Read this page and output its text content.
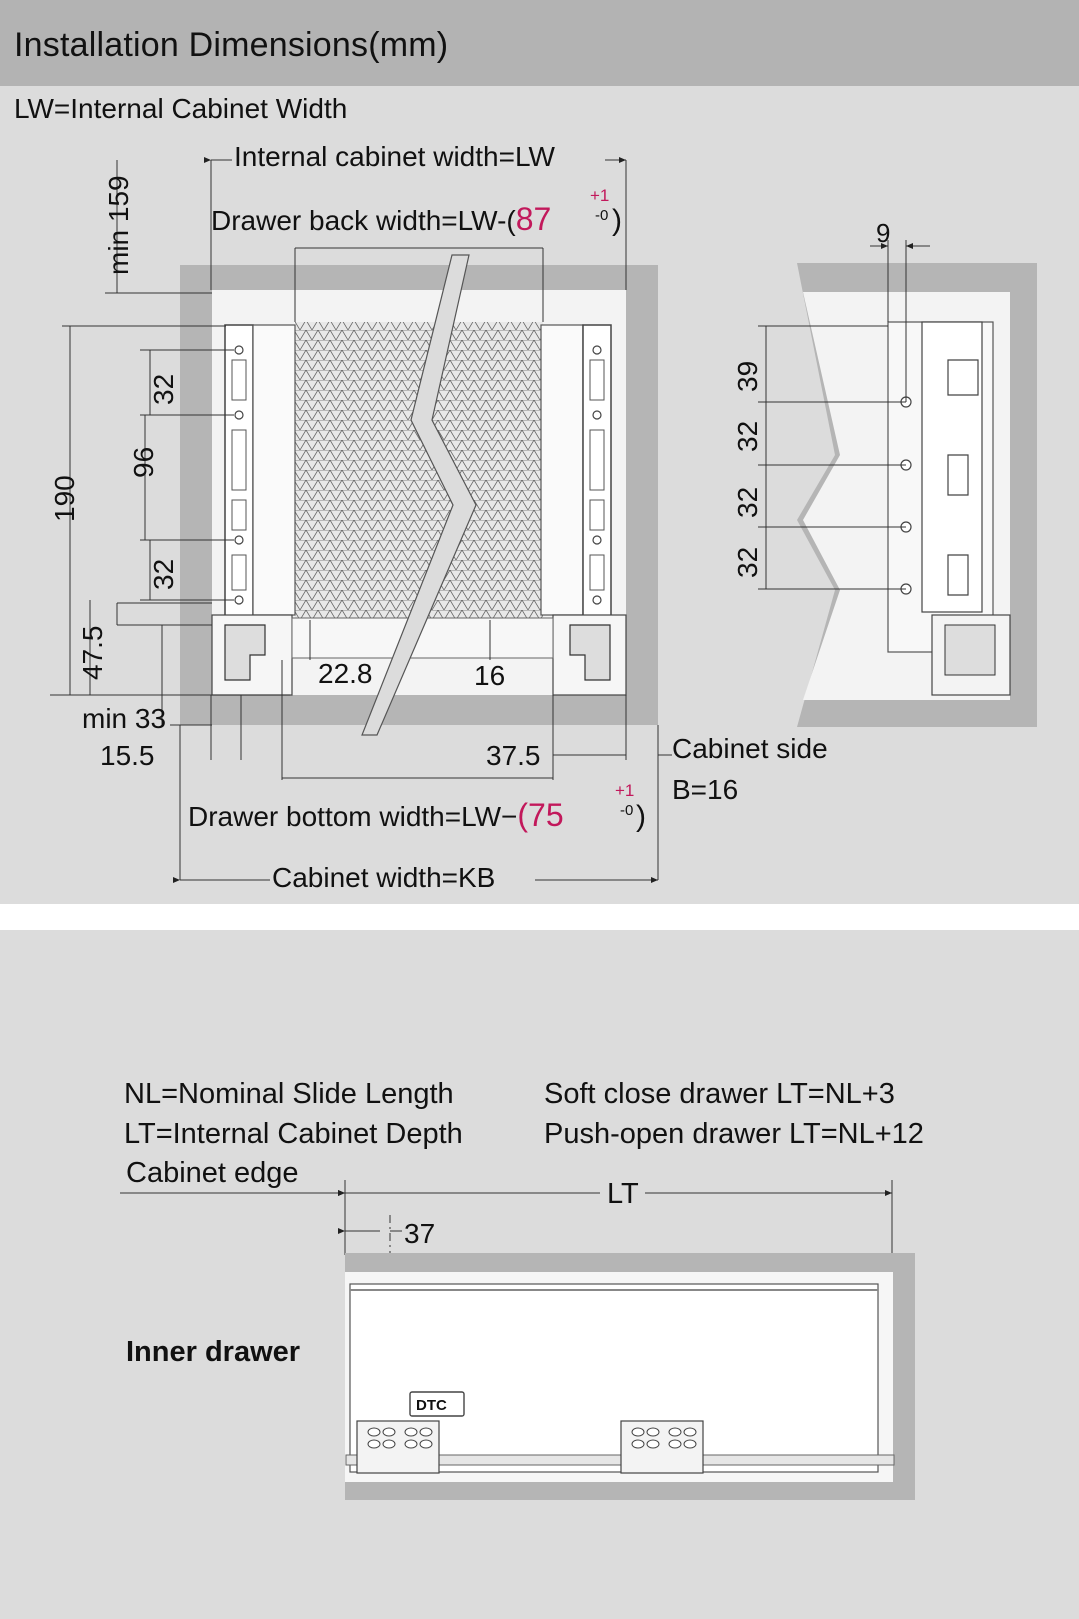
Installation Dimensions(mm)
LW=Internal Cabinet Width
Internal cabinet width=LW
Drawer back width=LW-(87
+1
-0 )
Drawer bottom width=LW−(75
+1
-0 )
Cabinet width=KB
Cabinet side
B=16
min 159
190
96
32
32
47.5
min 33
15.5
22.8	16
37.5
9
39
32
32
32
NL=Nominal Slide Length
LT=Internal Cabinet Depth
Soft close drawer LT=NL+3
Push-open drawer LT=NL+12
Cabinet edge
LT
37
Inner drawer
DTC
